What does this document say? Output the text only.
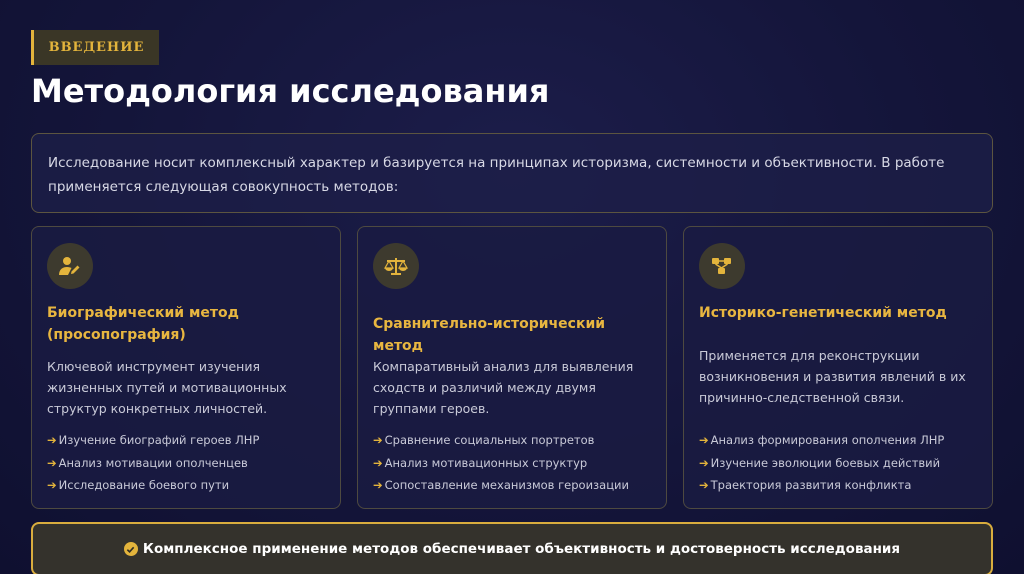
ВВЕДЕНИЕ
Методология исследования

Исследование носит комплексный характер и базируется на принципах историзма, системности и объективности. В работе применяется следующая совокупность методов:

Биографический метод (просопография)
Ключевой инструмент изучения жизненных путей и мотивационных структур конкретных личностей.
➔ Изучение биографий героев ЛНР
➔ Анализ мотивации ополченцев
➔ Исследование боевого пути
Сравнительно-исторический метод
Компаративный анализ для выявления сходств и различий между двумя группами героев.
➔ Сравнение социальных портретов
➔ Анализ мотивационных структур
➔ Сопоставление механизмов героизации
Историко-генетический метод
Применяется для реконструкции возникновения и развития явлений в их причинно-следственной связи.
➔ Анализ формирования ополчения ЛНР
➔ Изучение эволюции боевых действий
➔ Траектория развития конфликта
Комплексное применение методов обеспечивает объективность и достоверность исследования
